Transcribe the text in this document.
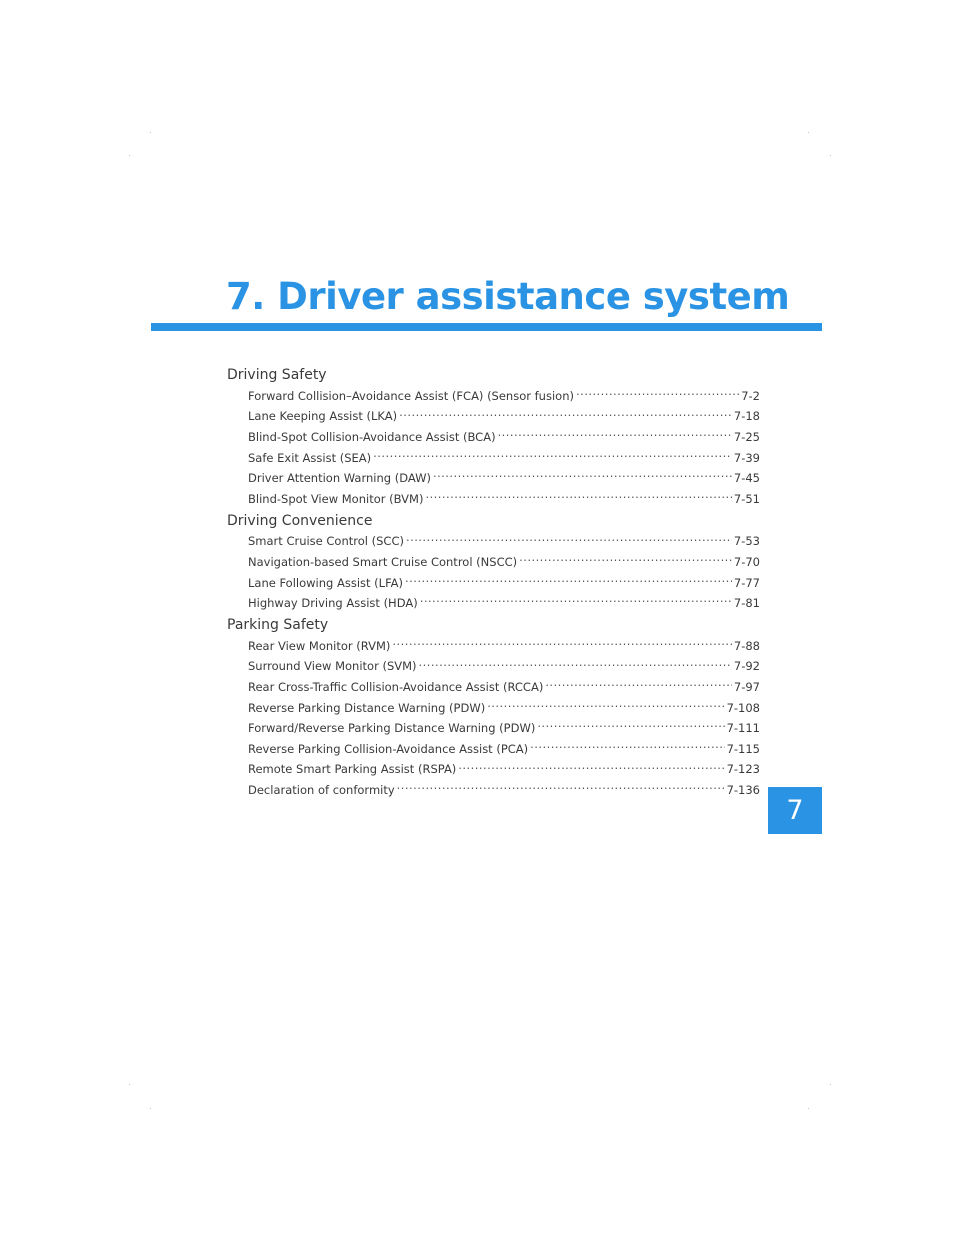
7. Driver assistance system
Driving Safety
Forward Collision–Avoidance Assist (FCA) (Sensor fusion) . . .	7-2
Lane Keeping Assist (LKA) . . .	7-18
Blind-Spot Collision-Avoidance Assist (BCA) . . .	7-25
Safe Exit Assist (SEA) . . .	7-39
Driver Attention Warning (DAW) . . .	7-45
Blind-Spot View Monitor (BVM) . . .	7-51
Driving Convenience
Smart Cruise Control (SCC) . . .	7-53
Navigation-based Smart Cruise Control (NSCC) . . .	7-70
Lane Following Assist (LFA) . . .	7-77
Highway Driving Assist (HDA) . . .	7-81
Parking Safety
Rear View Monitor (RVM) . . .	7-88
Surround View Monitor (SVM) . . .	7-92
Rear Cross-Traffic Collision-Avoidance Assist (RCCA) . . .	7-97
Reverse Parking Distance Warning (PDW) . . .	7-108
Forward/Reverse Parking Distance Warning (PDW) . . .	7-111
Reverse Parking Collision-Avoidance Assist (PCA) . . .	7-115
Remote Smart Parking Assist (RSPA) . . .	7-123
Declaration of conformity . . .	7-136
7
